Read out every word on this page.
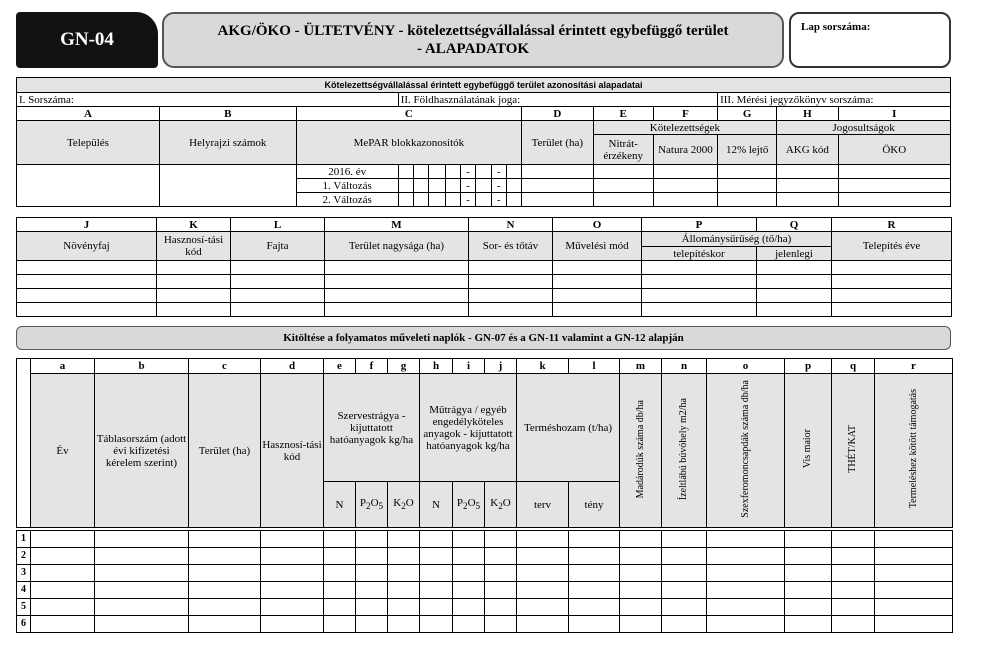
GN-04	AKG/ÖKO - ÜLTETVÉNY - kötelezettségvállalással érintett egybefüggő terület
- ALAPADATOK
Lap sorszáma:
Kötelezettségvállalással érintett egybefüggő terület azonosítási alapadatai																
I. Sorszáma:			II. Földhasználatának joga:											III. Mérési jegyzőkönyv sorszáma:		
A	B	C									D	E	F	G	H	I
Település	Helyrajzi számok	MePAR blokkazonosítók									Terület (ha)	Kötelezettségek			Jogosultságok	
												Nitrát-érzékeny	Natura 2000	12% lejtő	AKG kód	ÖKO
		2016. év					-		-							
		1. Változás					-		-							
		2. Változás					-		-							
J	K	L	M	N	O	P	Q	R
Növényfaj	Hasznosí-tási kód	Fajta	Terület nagysága (ha)	Sor- és tőtáv	Művelési mód	Állománysűrűség (tő/ha)		Telepítés éve
						telepítéskor	jelenlegi	

Kitöltése a folyamatos műveleti naplók - GN-07 és a GN-11 valamint a GN-12 alapján
	a	b	c	d	e	f	g	h	i	j	k	l	m	n	o	p	q	r
	Év	Táblasorszám (adott évi kifizetési kérelem szerint)	Terület (ha)	Hasznosí-tási kód	Szervestrágya - kijuttatott hatóanyagok kg/ha			Műtrágya / egyéb engedélyköteles anyagok - kijuttatott hatóanyagok kg/ha			Terméshozam (t/ha)		Madárodúk száma db/ha	Ízeltlábú búvóhely m2/ha	Szexferomoncsapdák száma db/ha	Vis maior	THÉT/KAT	Termeléshez kötött támogatás
					N	$P_2O_5$	$K_2O$	N	$P_2O_5$	$K_2O$	terv	tény						
1																		
2																		
3																		
4																		
5																		
6																		
